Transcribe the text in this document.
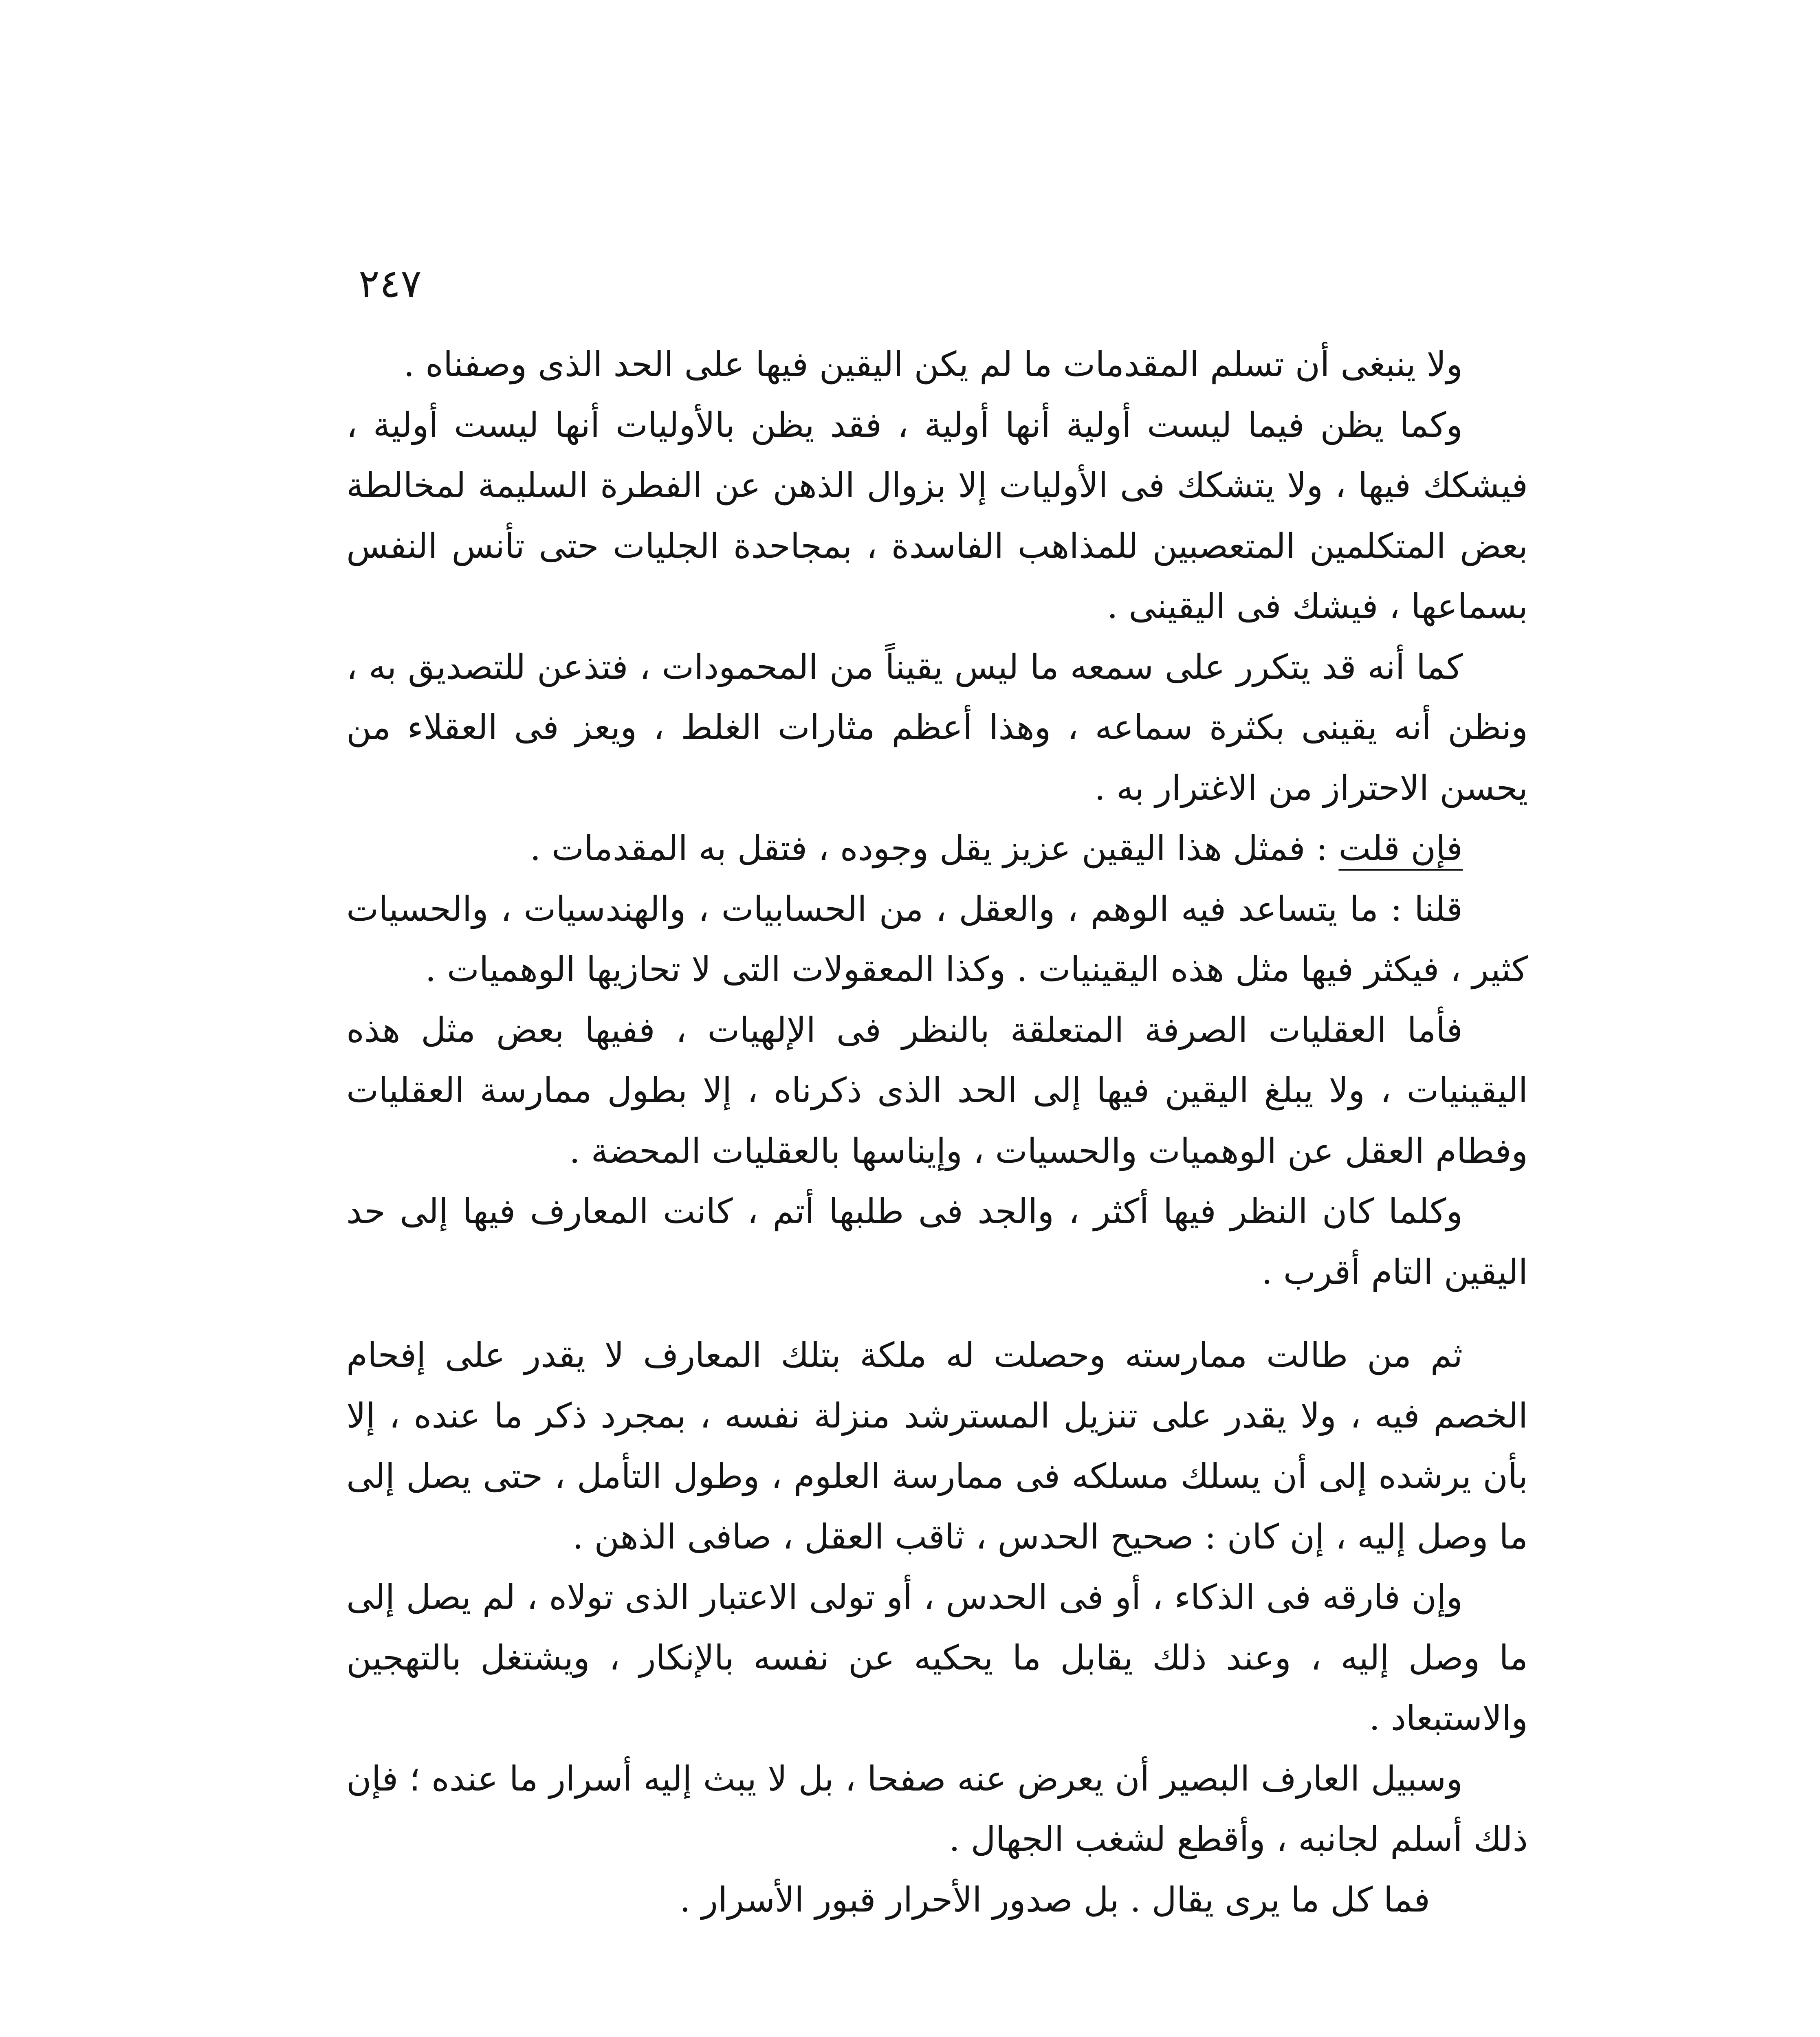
٢٤٧

ولا ينبغى أن تسلم المقدمات ما لم يكن اليقين فيها على الحد الذى وصفناه .

وكما يظن فيما ليست أولية أنها أولية ، فقد يظن بالأوليات أنها ليست أولية ، فيشكك فيها ، ولا يتشكك فى الأوليات إلا بزوال الذهن عن الفطرة السليمة لمخالطة بعض المتكلمين المتعصبين للمذاهب الفاسدة ، بمجاحدة الجليات حتى تأنس النفس بسماعها ، فيشك فى اليقينى .

كما أنه قد يتكرر على سمعه ما ليس يقيناً من المحمودات ، فتذعن للتصديق به ، ونظن أنه يقينى بكثرة سماعه ، وهذا أعظم مثارات الغلط ، ويعز فى العقلاء من يحسن الاحتراز من الاغترار به .

فإن قلت : فمثل هذا اليقين عزيز يقل وجوده ، فتقل به المقدمات .

قلنا : ما يتساعد فيه الوهم ، والعقل ، من الحسابيات ، والهندسيات ، والحسيات كثير ، فيكثر فيها مثل هذه اليقينيات . وكذا المعقولات التى لا تحازيها الوهميات .

فأما العقليات الصرفة المتعلقة بالنظر فى الإلهيات ، ففيها بعض مثل هذه اليقينيات ، ولا يبلغ اليقين فيها إلى الحد الذى ذكرناه ، إلا بطول ممارسة العقليات وفطام العقل عن الوهميات والحسيات ، وإيناسها بالعقليات المحضة .

وكلما كان النظر فيها أكثر ، والجد فى طلبها أتم ، كانت المعارف فيها إلى حد اليقين التام أقرب .

ثم من طالت ممارسته وحصلت له ملكة بتلك المعارف لا يقدر على إفحام الخصم فيه ، ولا يقدر على تنزيل المسترشد منزلة نفسه ، بمجرد ذكر ما عنده ، إلا بأن يرشده إلى أن يسلك مسلكه فى ممارسة العلوم ، وطول التأمل ، حتى يصل إلى ما وصل إليه ، إن كان : صحيح الحدس ، ثاقب العقل ، صافى الذهن .

وإن فارقه فى الذكاء ، أو فى الحدس ، أو تولى الاعتبار الذى تولاه ، لم يصل إلى ما وصل إليه ، وعند ذلك يقابل ما يحكيه عن نفسه بالإنكار ، ويشتغل بالتهجين والاستبعاد .

وسبيل العارف البصير أن يعرض عنه صفحا ، بل لا يبث إليه أسرار ما عنده ؛ فإن ذلك أسلم لجانبه ، وأقطع لشغب الجهال .

فما كل ما يرى يقال . بل صدور الأحرار قبور الأسرار .
